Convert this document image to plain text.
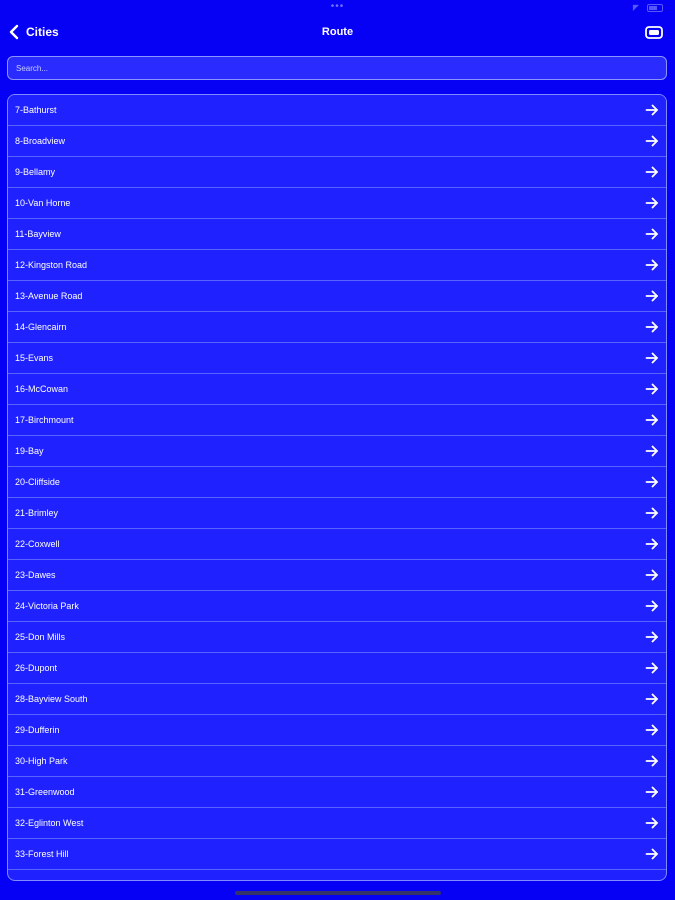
•••	◤
Cities	Route
Search...
7-Bathurst
8-Broadview
9-Bellamy
10-Van Horne
11-Bayview
12-Kingston Road
13-Avenue Road
14-Glencairn
15-Evans
16-McCowan
17-Birchmount
19-Bay
20-Cliffside
21-Brimley
22-Coxwell
23-Dawes
24-Victoria Park
25-Don Mills
26-Dupont
28-Bayview South
29-Dufferin
30-High Park
31-Greenwood
32-Eglinton West
33-Forest Hill
